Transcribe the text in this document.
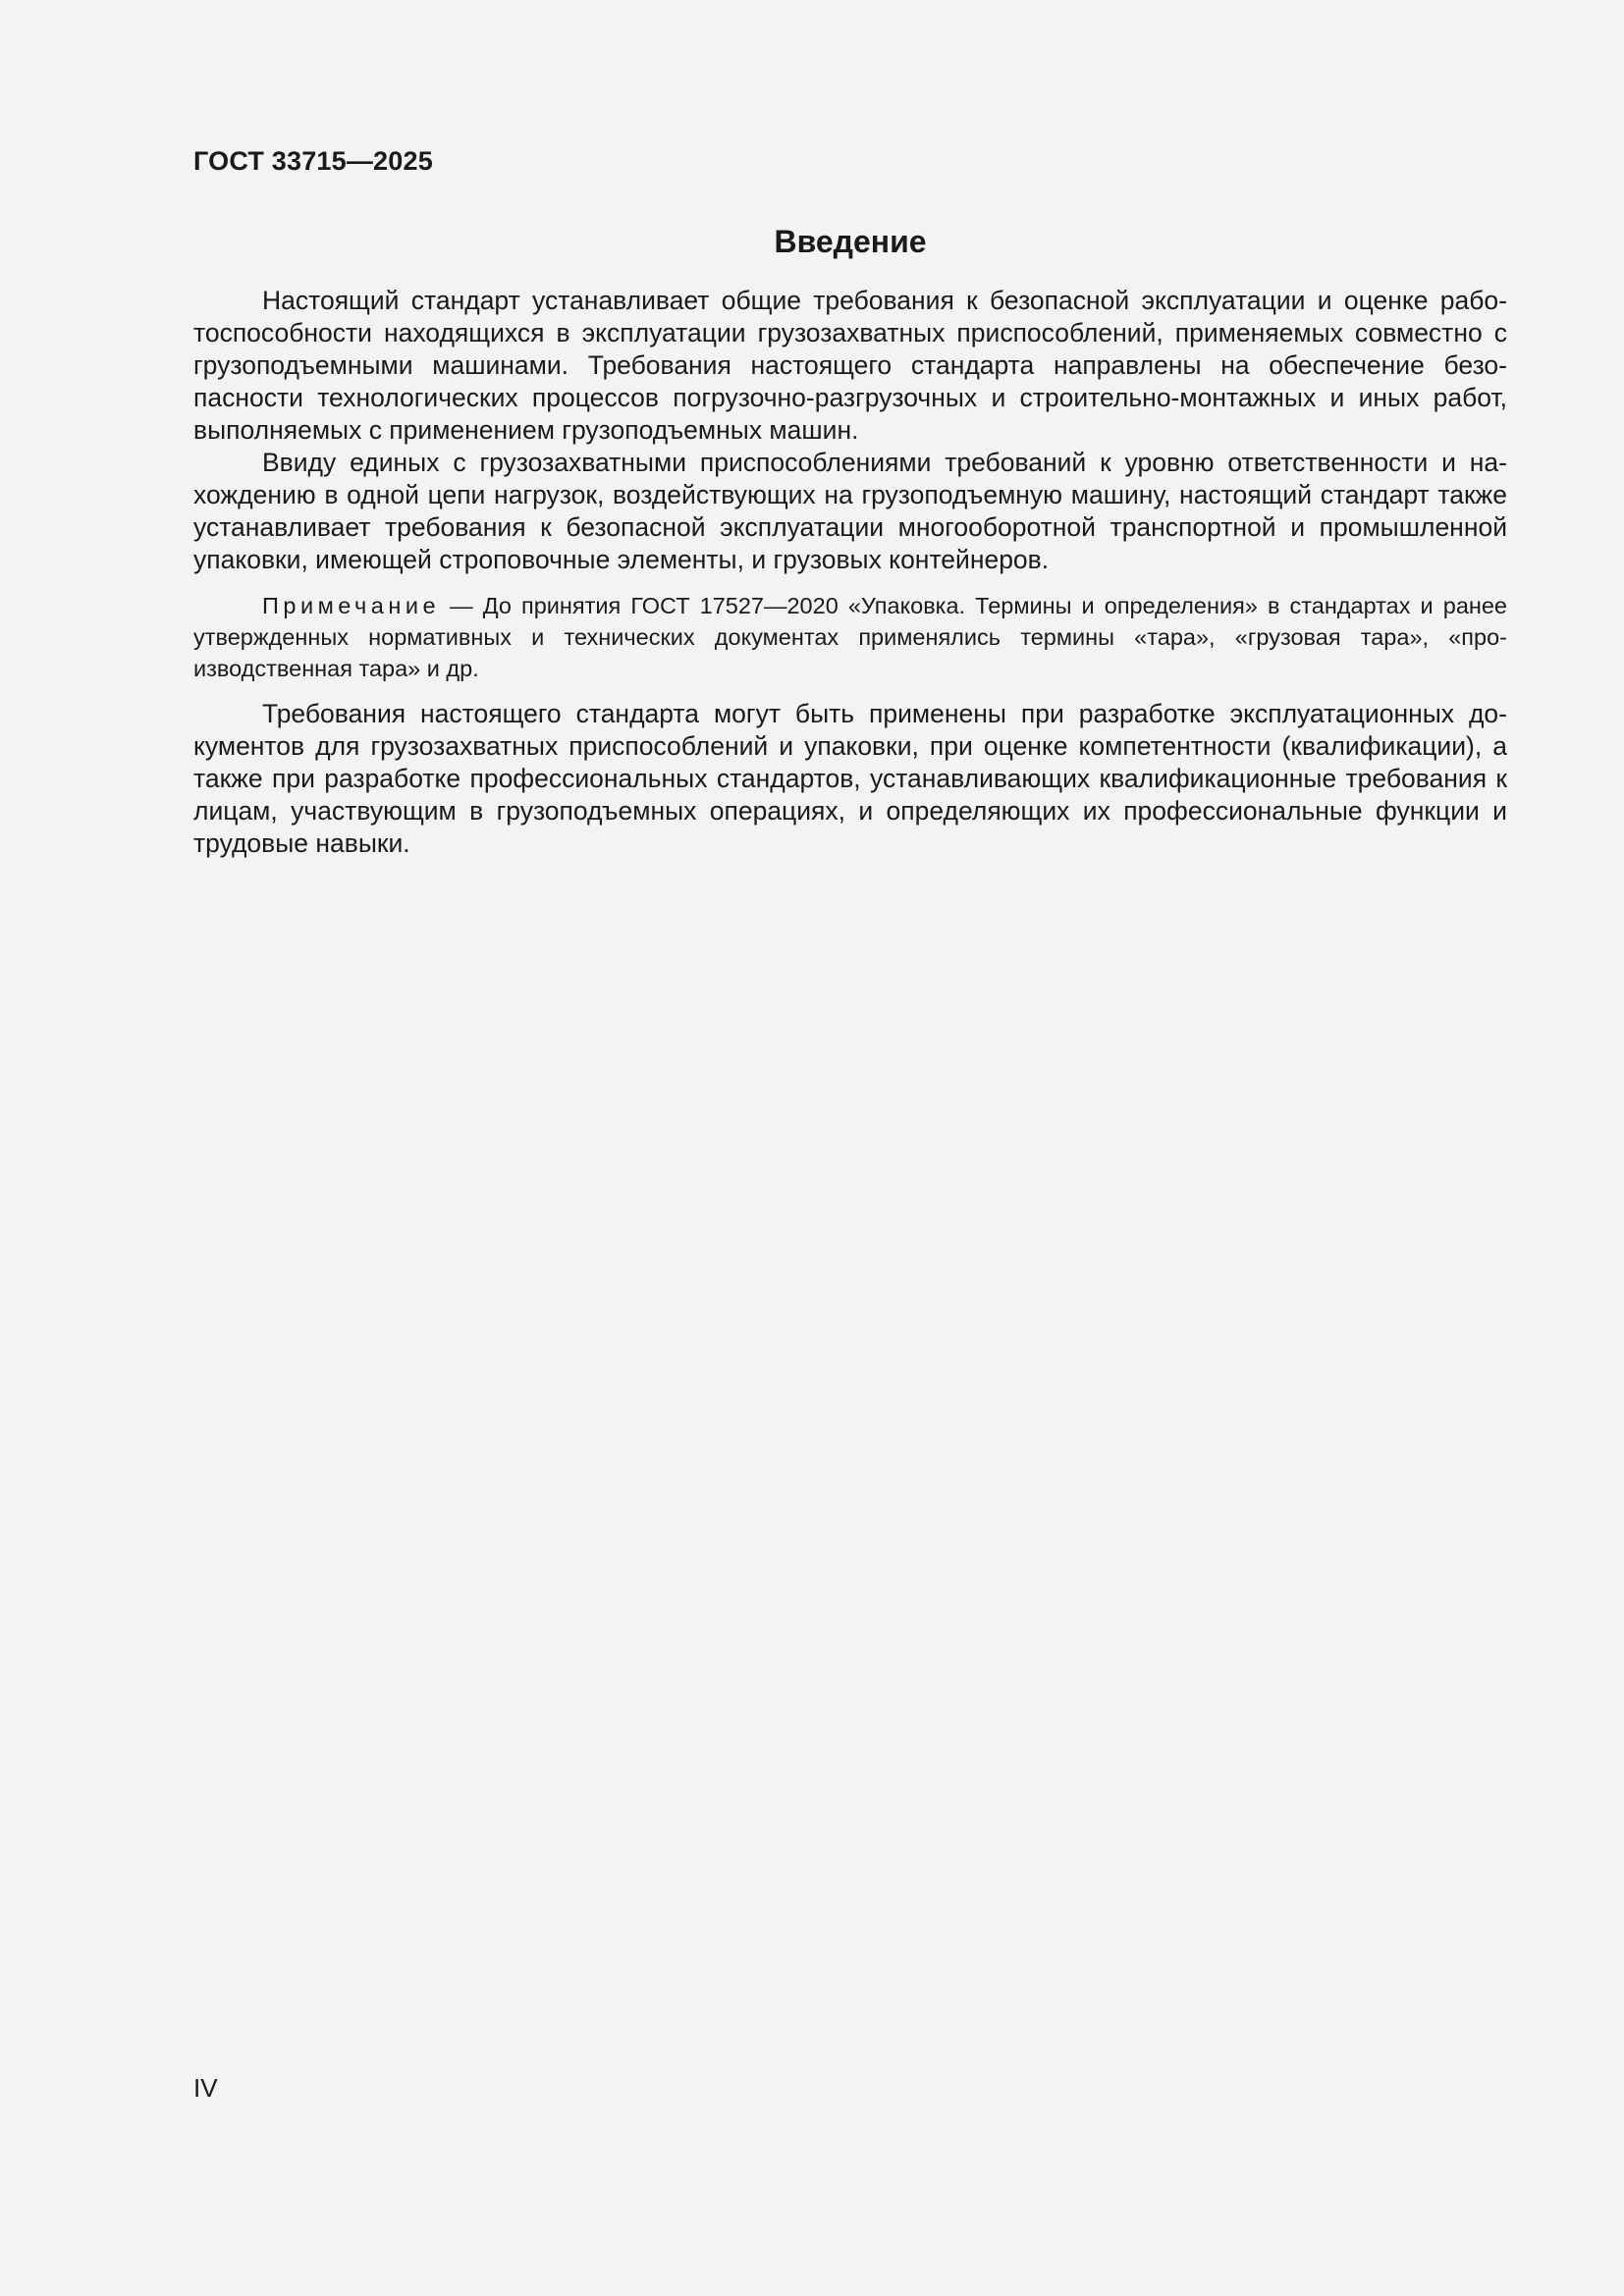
ГОСТ 33715—2025

Введение

Настоящий стандарт устанавливает общие требования к безопасной эксплуатации и оценке работоспособности находящихся в эксплуатации грузозахватных приспособлений, применяемых совместно с грузоподъемными машинами. Требования настоящего стандарта направлены на обеспечение безопасности технологических процессов погрузочно-разгрузочных и строительно-монтажных и иных работ, выполняемых с применением грузоподъемных машин.

Ввиду единых с грузозахватными приспособлениями требований к уровню ответственности и нахождению в одной цепи нагрузок, воздействующих на грузоподъемную машину, настоящий стандарт также устанавливает требования к безопасной эксплуатации многооборотной транспортной и промышленной упаковки, имеющей строповочные элементы, и грузовых контейнеров.

Примечание — До принятия ГОСТ 17527—2020 «Упаковка. Термины и определения» в стандартах и ранее утвержденных нормативных и технических документах применялись термины «тара», «грузовая тара», «производственная тара» и др.

Требования настоящего стандарта могут быть применены при разработке эксплуатационных документов для грузозахватных приспособлений и упаковки, при оценке компетентности (квалификации), а также при разработке профессиональных стандартов, устанавливающих квалификационные требования к лицам, участвующим в грузоподъемных операциях, и определяющих их профессиональные функции и трудовые навыки.

IV
